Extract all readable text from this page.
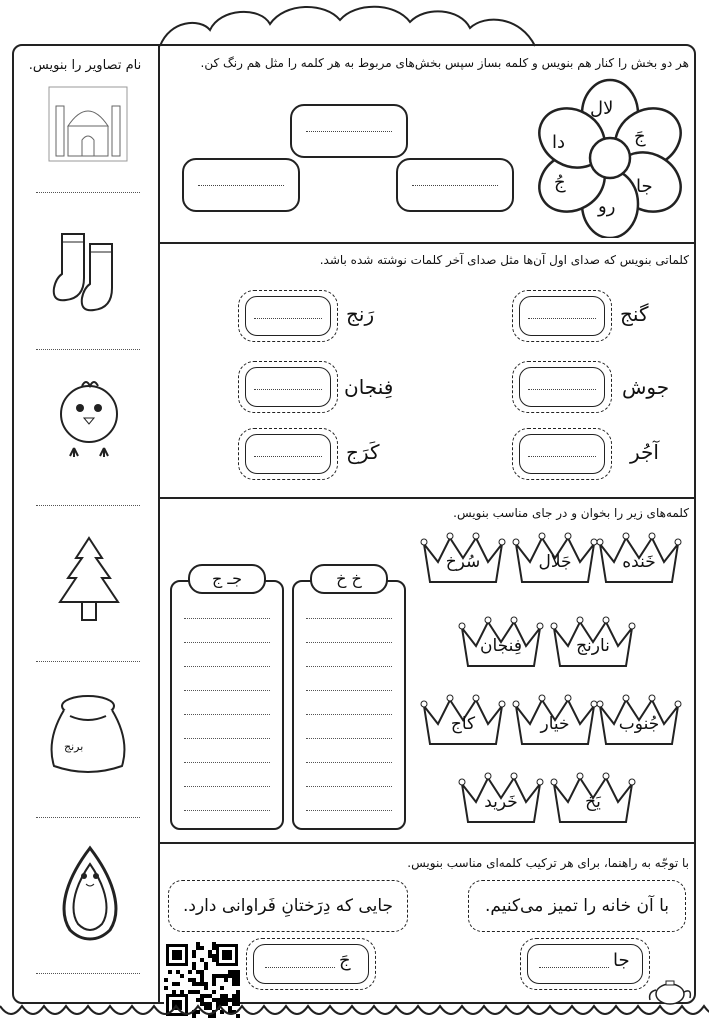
نام تصاویر را بنویس.
برنج
هر دو بخش را کنار هم بنویس و کلمه بساز سپس بخش‌های مربوط به هر کلمه را مثل هم رنگ کن.
لال
جَ
دا
جا
جُ
رو
کلماتی بنویس که صدای اول آن‌ها مثل صدای آخر کلمات نوشته شده باشد.
گنج
جوش
آجُر
رَنج
فِنجان
کَرَج
کلمه‌های زیر را بخوان و در جای مناسب بنویس.
خَنده
جَلال
سُرخ
نارنج
فِنجان
جُنوب
خیار
کاج
یَخ
خَرید
خ خ
جـ ج
با توجّه به راهنما، برای هر ترکیب کلمه‌ای مناسب بنویس.
با آن خانه را تمیز می‌کنیم.
جایی که دِرَختانِ فَراوانی دارد.
جا
جَ
